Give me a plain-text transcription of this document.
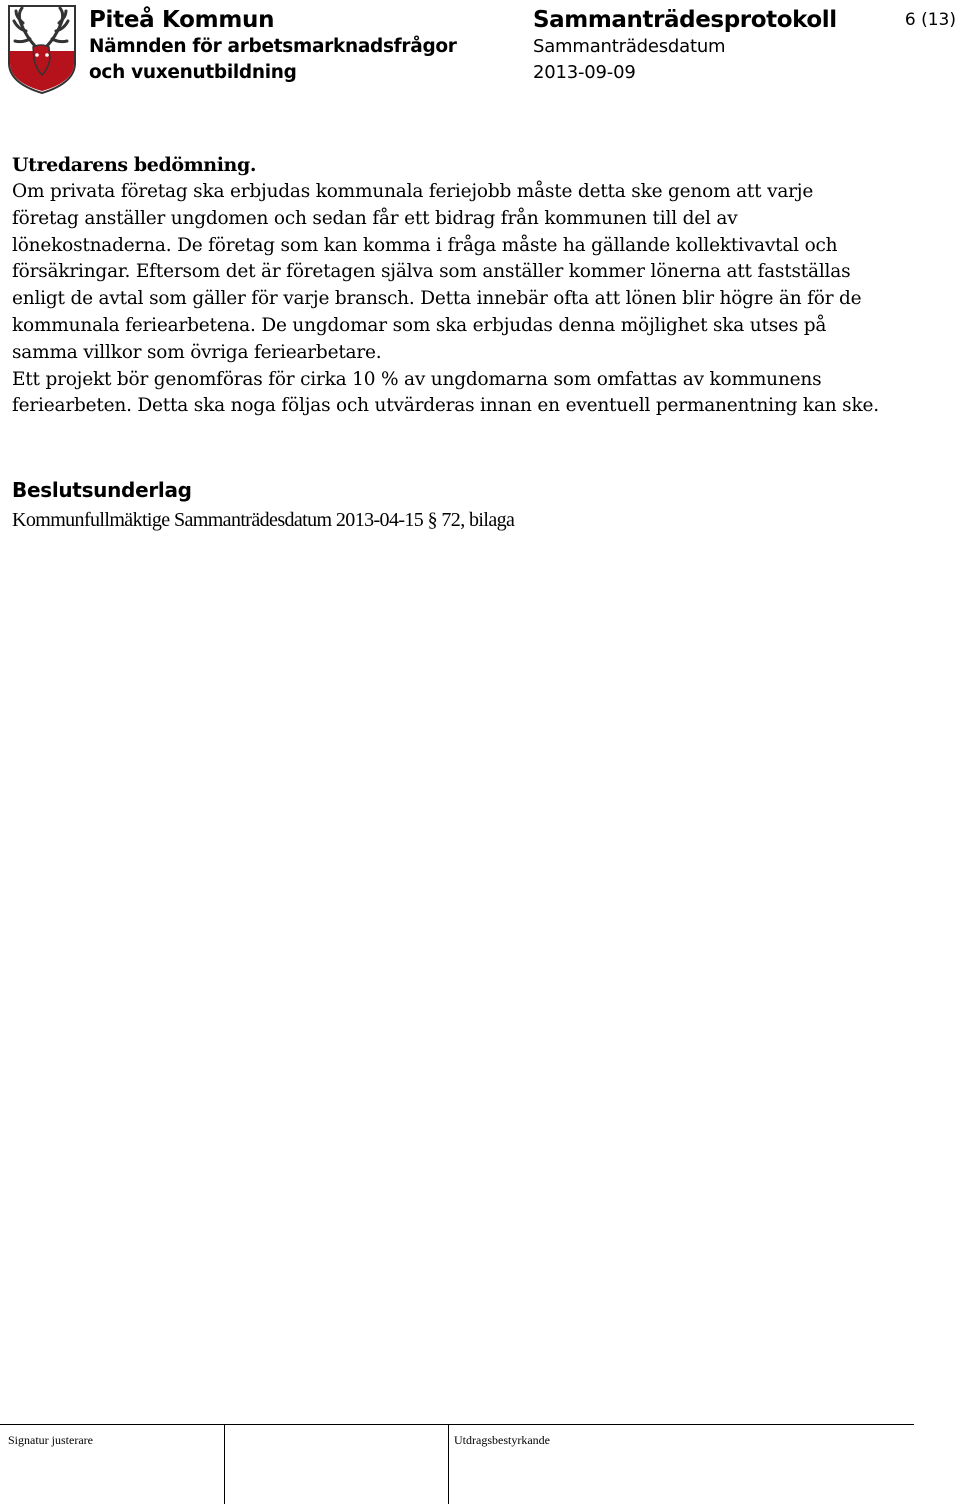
Piteå Kommun
Nämnden för arbetsmarknadsfrågor
och vuxenutbildning
Sammanträdesprotokoll
Sammanträdesdatum
2013-09-09
6 (13)
Utredarens bedömning.
Om privata företag ska erbjudas kommunala feriejobb måste detta ske genom att varje
företag anställer ungdomen och sedan får ett bidrag från kommunen till del av
lönekostnaderna. De företag som kan komma i fråga måste ha gällande kollektivavtal och
försäkringar. Eftersom det är företagen själva som anställer kommer lönerna att fastställas
enligt de avtal som gäller för varje bransch. Detta innebär ofta att lönen blir högre än för de
kommunala feriearbetena. De ungdomar som ska erbjudas denna möjlighet ska utses på
samma villkor som övriga feriearbetare.
Ett projekt bör genomföras för cirka 10 % av ungdomarna som omfattas av kommunens
feriearbeten. Detta ska noga följas och utvärderas innan en eventuell permanentning kan ske.
Beslutsunderlag
Kommunfullmäktige Sammanträdesdatum 2013-04-15 § 72, bilaga
Signatur justerare	Utdragsbestyrkande
